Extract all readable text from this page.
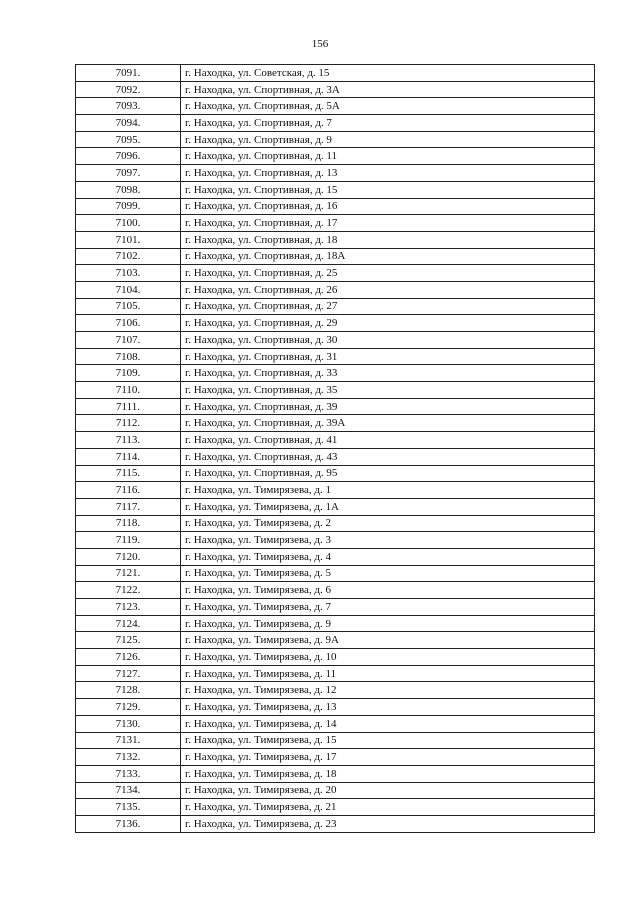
156
7091.	г. Находка, ул. Советская, д. 15
7092.	г. Находка, ул. Спортивная, д. 3А
7093.	г. Находка, ул. Спортивная, д. 5А
7094.	г. Находка, ул. Спортивная, д. 7
7095.	г. Находка, ул. Спортивная, д. 9
7096.	г. Находка, ул. Спортивная, д. 11
7097.	г. Находка, ул. Спортивная, д. 13
7098.	г. Находка, ул. Спортивная, д. 15
7099.	г. Находка, ул. Спортивная, д. 16
7100.	г. Находка, ул. Спортивная, д. 17
7101.	г. Находка, ул. Спортивная, д. 18
7102.	г. Находка, ул. Спортивная, д. 18А
7103.	г. Находка, ул. Спортивная, д. 25
7104.	г. Находка, ул. Спортивная, д. 26
7105.	г. Находка, ул. Спортивная, д. 27
7106.	г. Находка, ул. Спортивная, д. 29
7107.	г. Находка, ул. Спортивная, д. 30
7108.	г. Находка, ул. Спортивная, д. 31
7109.	г. Находка, ул. Спортивная, д. 33
7110.	г. Находка, ул. Спортивная, д. 35
7111.	г. Находка, ул. Спортивная, д. 39
7112.	г. Находка, ул. Спортивная, д. 39А
7113.	г. Находка, ул. Спортивная, д. 41
7114.	г. Находка, ул. Спортивная, д. 43
7115.	г. Находка, ул. Спортивная, д. 95
7116.	г. Находка, ул. Тимирязева, д. 1
7117.	г. Находка, ул. Тимирязева, д. 1А
7118.	г. Находка, ул. Тимирязева, д. 2
7119.	г. Находка, ул. Тимирязева, д. 3
7120.	г. Находка, ул. Тимирязева, д. 4
7121.	г. Находка, ул. Тимирязева, д. 5
7122.	г. Находка, ул. Тимирязева, д. 6
7123.	г. Находка, ул. Тимирязева, д. 7
7124.	г. Находка, ул. Тимирязева, д. 9
7125.	г. Находка, ул. Тимирязева, д. 9А
7126.	г. Находка, ул. Тимирязева, д. 10
7127.	г. Находка, ул. Тимирязева, д. 11
7128.	г. Находка, ул. Тимирязева, д. 12
7129.	г. Находка, ул. Тимирязева, д. 13
7130.	г. Находка, ул. Тимирязева, д. 14
7131.	г. Находка, ул. Тимирязева, д. 15
7132.	г. Находка, ул. Тимирязева, д. 17
7133.	г. Находка, ул. Тимирязева, д. 18
7134.	г. Находка, ул. Тимирязева, д. 20
7135.	г. Находка, ул. Тимирязева, д. 21
7136.	г. Находка, ул. Тимирязева, д. 23
